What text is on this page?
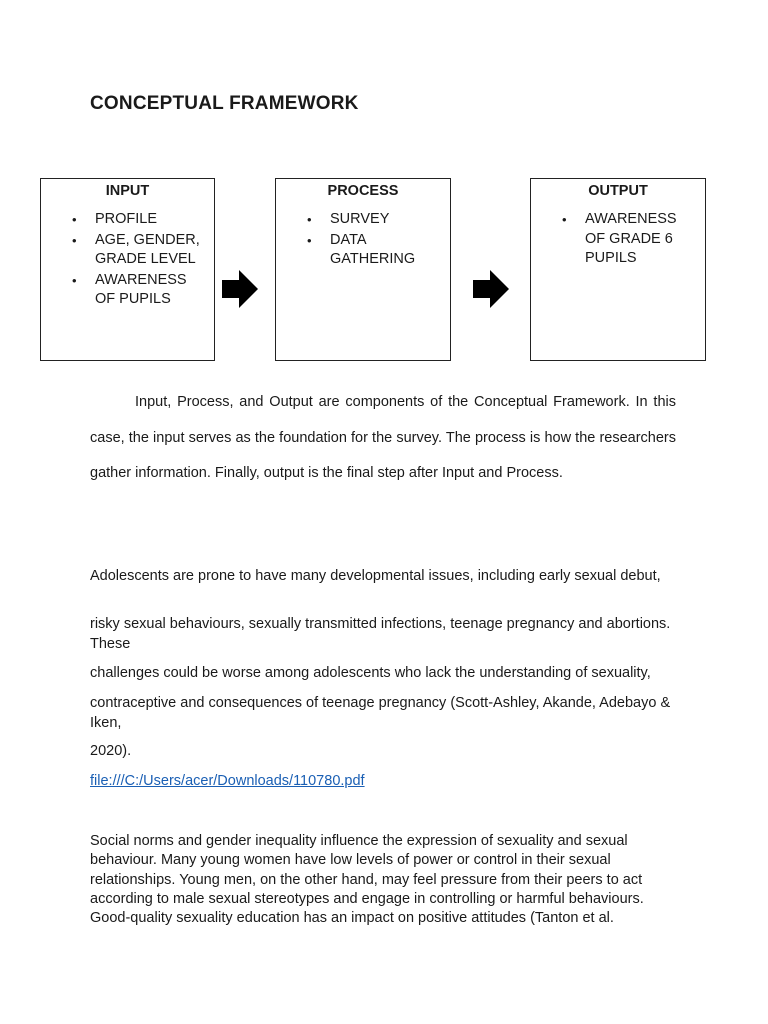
CONCEPTUAL FRAMEWORK
INPUT
• PROFILE
• AGE, GENDER, GRADE LEVEL
• AWARENESS OF PUPILS
PROCESS
• SURVEY
• DATA GATHERING
OUTPUT
• AWARENESS OF GRADE 6 PUPILS

Input, Process, and Output are components of the Conceptual Framework. In this case, the input serves as the foundation for the survey. The process is how the researchers gather information. Finally, output is the final step after Input and Process.

Adolescents are prone to have many developmental issues, including early sexual debut,

risky sexual behaviours, sexually transmitted infections, teenage pregnancy and abortions. These

challenges could be worse among adolescents who lack the understanding of sexuality,

contraceptive and consequences of teenage pregnancy (Scott-Ashley, Akande, Adebayo & Iken,

2020).

file:///C:/Users/acer/Downloads/110780.pdf

Social norms and gender inequality influence the expression of sexuality and sexual behaviour. Many young women have low levels of power or control in their sexual relationships. Young men, on the other hand, may feel pressure from their peers to act according to male sexual stereotypes and engage in controlling or harmful behaviours. Good-quality sexuality education has an impact on positive attitudes (Tanton et al.
